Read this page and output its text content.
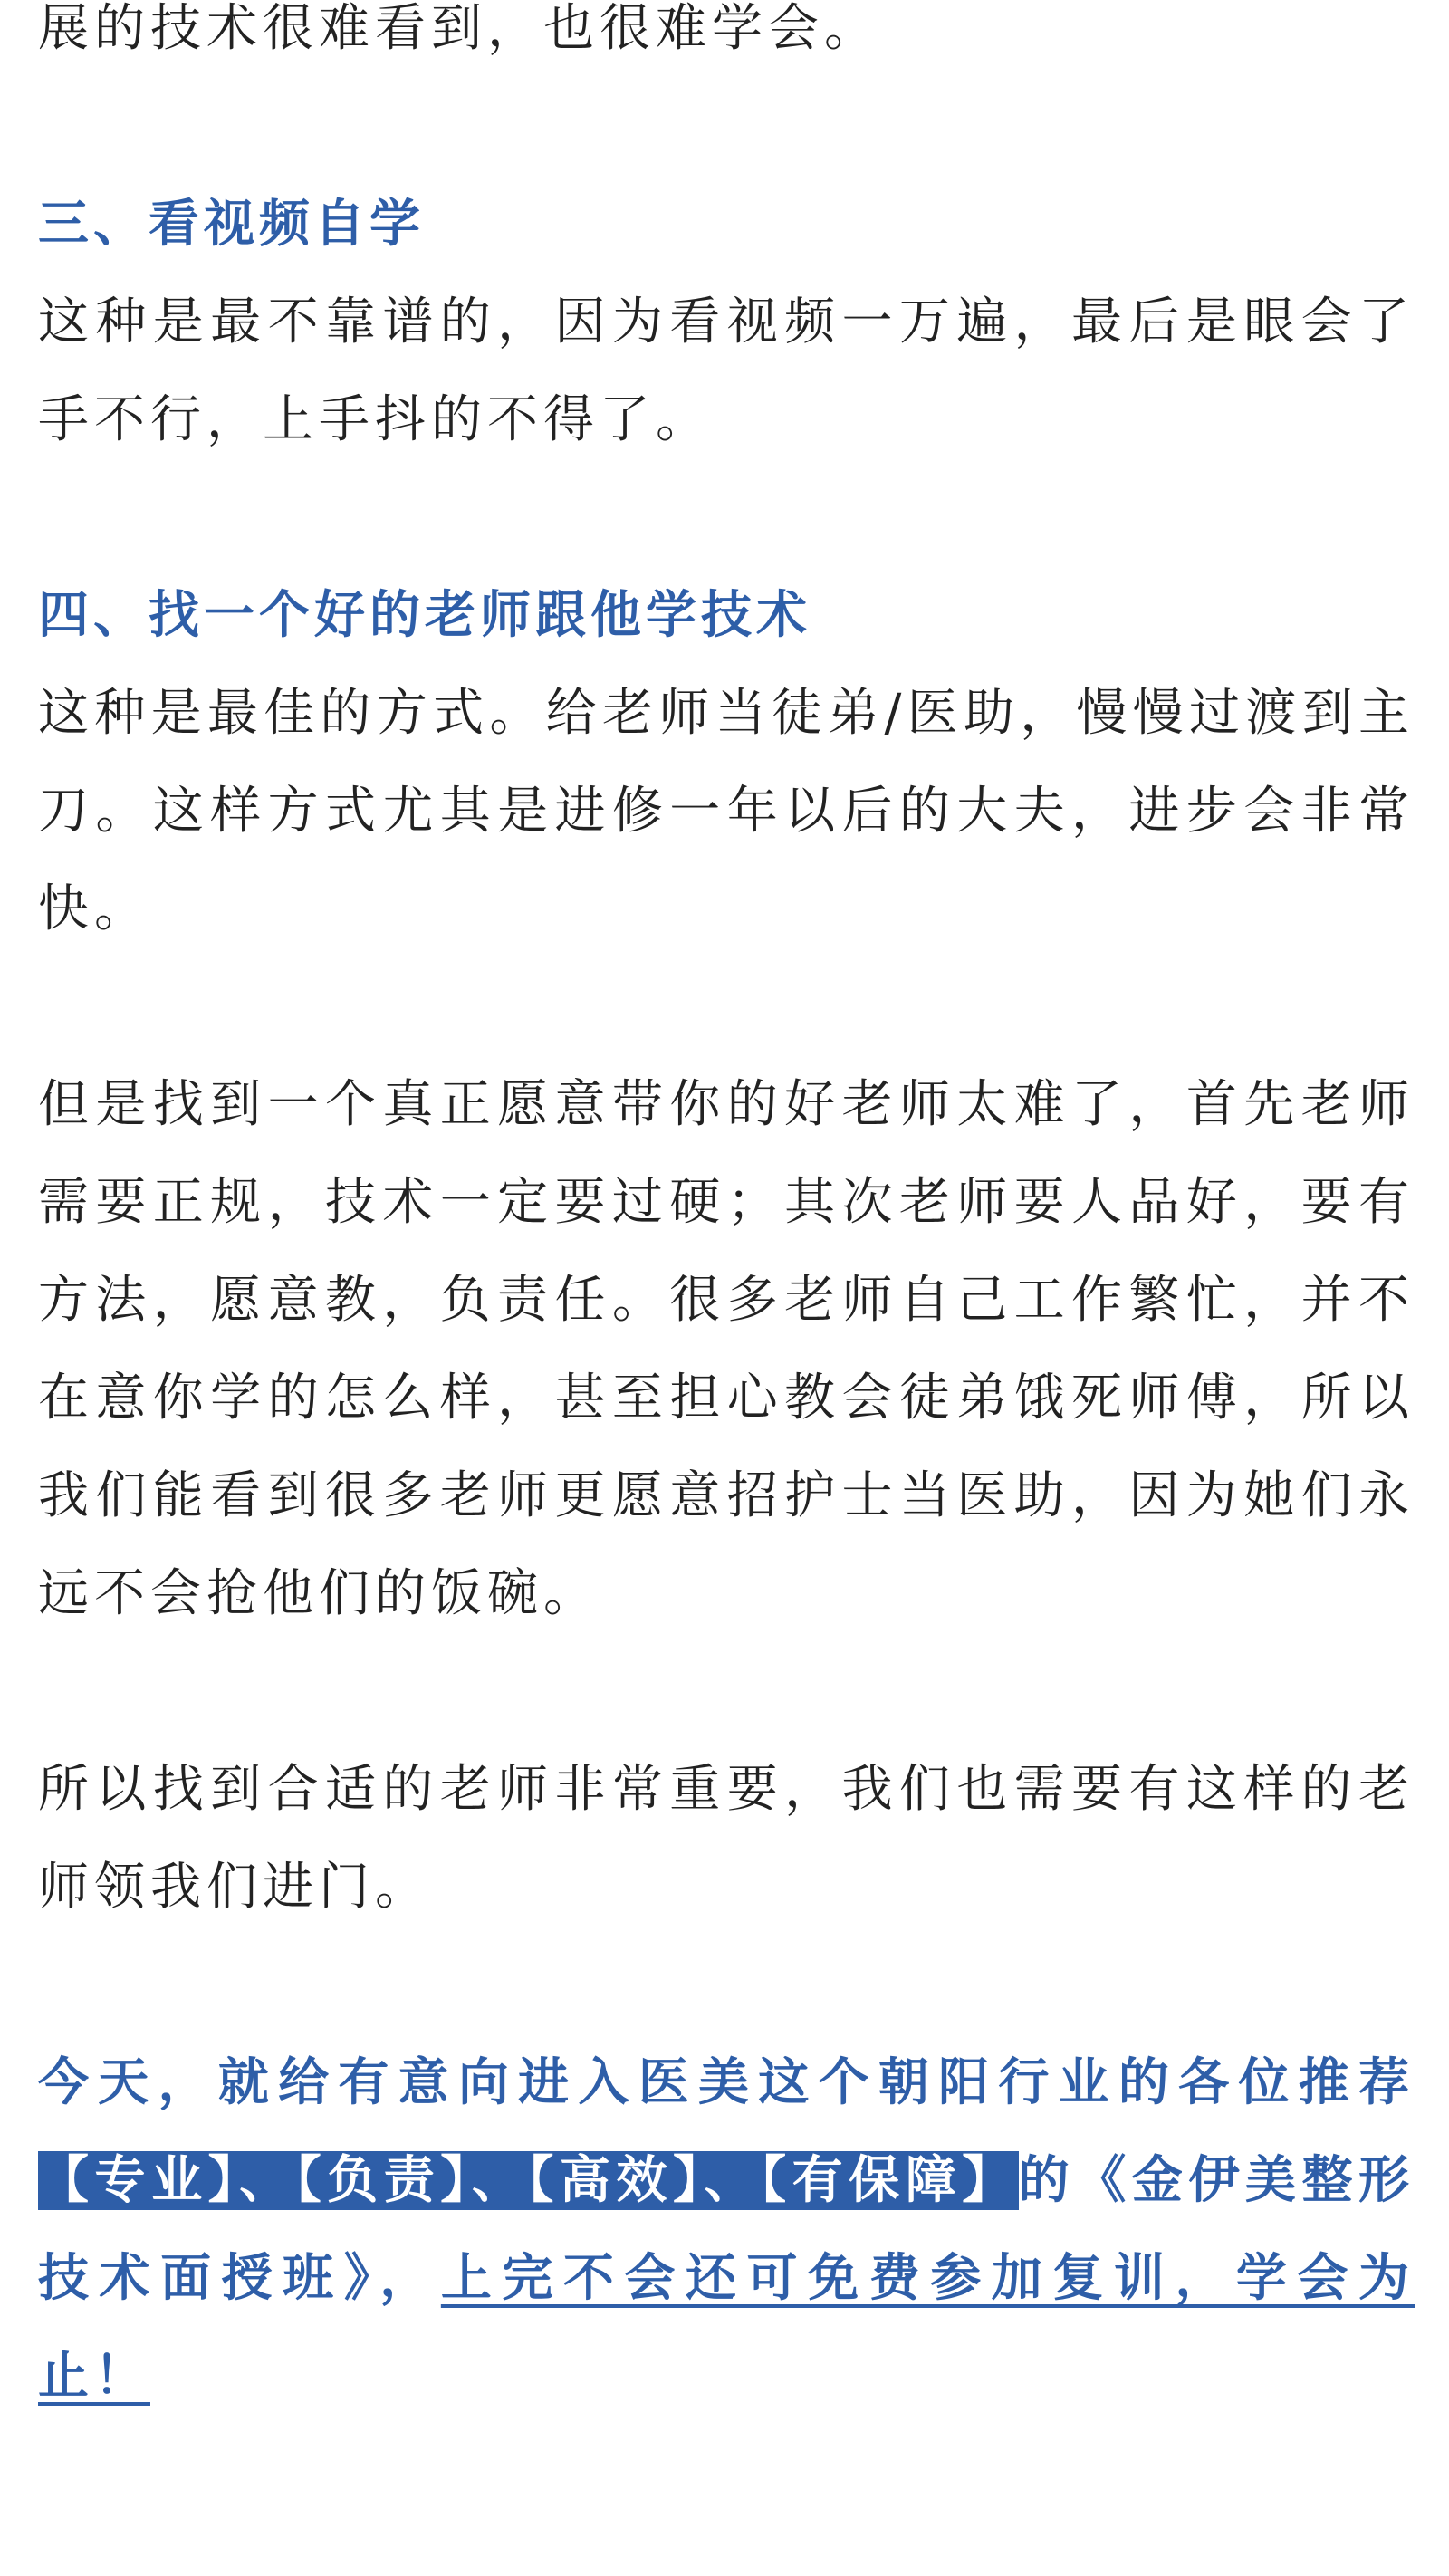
展的技术很难看到，也很难学会。

三、看视频自学

这种是最不靠谱的，因为看视频一万遍，最后是眼会了手不行，上手抖的不得了。

四、找一个好的老师跟他学技术

这种是最佳的方式。给老师当徒弟/医助，慢慢过渡到主刀。这样方式尤其是进修一年以后的大夫，进步会非常快。

但是找到一个真正愿意带你的好老师太难了，首先老师需要正规，技术一定要过硬；其次老师要人品好，要有方法，愿意教，负责任。很多老师自己工作繁忙，并不在意你学的怎么样，甚至担心教会徒弟饿死师傅，所以我们能看到很多老师更愿意招护士当医助，因为她们永远不会抢他们的饭碗。

所以找到合适的老师非常重要，我们也需要有这样的老师领我们进门。

今天，就给有意向进入医美这个朝阳行业的各位推荐【专业】、【负责】、【高效】、【有保障】的《金伊美整形技术面授班》，上完不会还可免费参加复训，学会为止！
